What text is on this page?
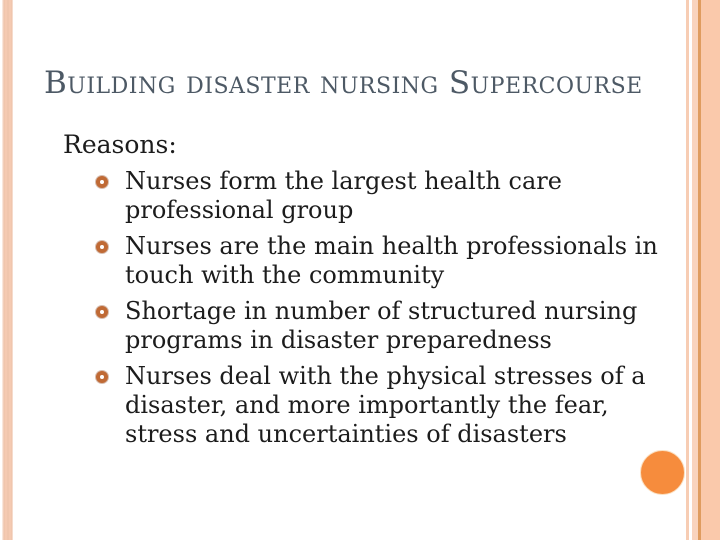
Building disaster nursing Supercourse
Reasons:
Nurses form the largest health care
professional group
Nurses are the main health professionals in
touch with the community
Shortage in number of structured nursing
programs in disaster preparedness
Nurses deal with the physical stresses of a
disaster, and more importantly the fear,
stress and uncertainties of disasters
